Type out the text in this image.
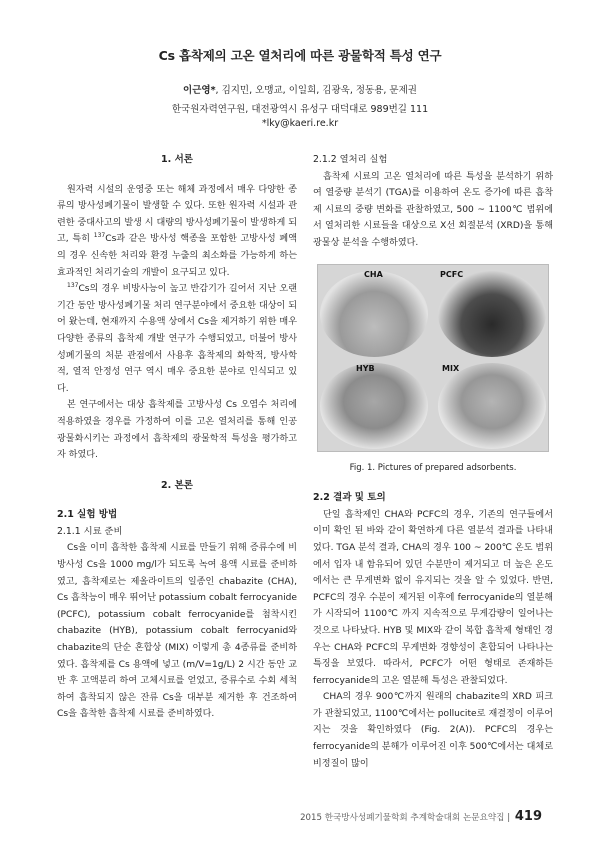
Cs 흡착제의 고온 열처리에 따른 광물학적 특성 연구
이근영*, 김지민, 오맹교, 이일희, 김광욱, 정동용, 문제권
한국원자력연구원, 대전광역시 유성구 대덕대로 989번길 111
*lky@kaeri.re.kr
1. 서론

원자력 시설의 운영중 또는 해체 과정에서 매우 다양한 종류의 방사성폐기물이 발생할 수 있다. 또한 원자력 시설과 관련한 중대사고의 발생 시 대량의 방사성폐기물이 발생하게 되고, 특히 $^{137}$Cs과 같은 방사성 핵종을 포함한 고방사성 폐액의 경우 신속한 처리와 환경 누출의 최소화를 가능하게 하는 효과적인 처리기술의 개발이 요구되고 있다.

$^{137}$Cs의 경우 비방사능이 높고 반감기가 길어서 지난 오랜 기간 동안 방사성폐기물 처리 연구분야에서 중요한 대상이 되어 왔는데, 현재까지 수용액 상에서 Cs을 제거하기 위한 매우 다양한 종류의 흡착제 개발 연구가 수행되었고, 더불어 방사성폐기물의 처분 관점에서 사용후 흡착제의 화학적, 방사학적, 열적 안정성 연구 역시 매우 중요한 분야로 인식되고 있다.

본 연구에서는 대상 흡착제를 고방사성 Cs 오염수 처리에 적용하였을 경우를 가정하여 이를 고온 열처리를 통해 인공 광물화시키는 과정에서 흡착제의 광물학적 특성을 평가하고자 하였다.

2. 본론
2.1 실험 방법
2.1.1 시료 준비

Cs을 이미 흡착한 흡착제 시료를 만들기 위해 증류수에 비방사성 Cs을 1000 mg/l가 되도록 녹여 용액 시료를 준비하였고, 흡착제로는 제올라이트의 일종인 chabazite (CHA), Cs 흡착능이 매우 뛰어난 potassium cobalt ferrocyanide (PCFC), potassium cobalt ferrocyanide를 첨착시킨 chabazite (HYB), potassium cobalt ferrocyanid와 chabazite의 단순 혼합상 (MIX) 이렇게 총 4종류를 준비하였다. 흡착제를 Cs 용액에 넣고 (m/V=1g/L) 2 시간 동안 교반 후 고액분리 하여 고체시료를 얻었고, 증류수로 수회 세척하여 흡착되지 않은 잔류 Cs을 대부분 제거한 후 건조하여 Cs을 흡착한 흡착제 시료를 준비하였다.

2.1.2 열처리 실험

흡착제 시료의 고온 열처리에 따른 특성을 분석하기 위하여 열중량 분석기 (TGA)를 이용하여 온도 증가에 따른 흡착제 시료의 중량 변화를 관찰하였고, 500 ~ 1100℃ 범위에서 열처리한 시료들을 대상으로 X선 회절분석 (XRD)을 통해 광물상 분석을 수행하였다.

CHA	PCFC
HYB	MIX
Fig. 1. Pictures of prepared adsorbents.
2.2 결과 및 토의

단일 흡착제인 CHA와 PCFC의 경우, 기존의 연구들에서 이미 확인 된 바와 같이 확연하게 다른 열분석 결과를 나타내었다. TGA 분석 결과, CHA의 경우 100 ~ 200℃ 온도 범위에서 입자 내 함유되어 있던 수분만이 제거되고 더 높은 온도에서는 큰 무게변화 없이 유지되는 것을 알 수 있었다. 반면, PCFC의 경우 수분이 제거된 이후에 ferrocyanide의 열분해가 시작되어 1100℃ 까지 지속적으로 무게감량이 일어나는 것으로 나타났다. HYB 및 MIX와 같이 복합 흡착제 형태인 경우는 CHA와 PCFC의 무게변화 경향성이 혼합되어 나타나는 특징을 보였다. 따라서, PCFC가 어떤 형태로 존재하든 ferrocyanide의 고온 열분해 특성은 관찰되었다.

CHA의 경우 900℃까지 원래의 chabazite의 XRD 피크가 관찰되었고, 1100℃에서는 pollucite로 재결정이 이루어지는 것을 확인하였다 (Fig. 2(A)). PCFC의 경우는 ferrocyanide의 분해가 이루어진 이후 500℃에서는 대체로 비정질이 많이

2015 한국방사성폐기물학회 추계학술대회 논문요약집 | 419
